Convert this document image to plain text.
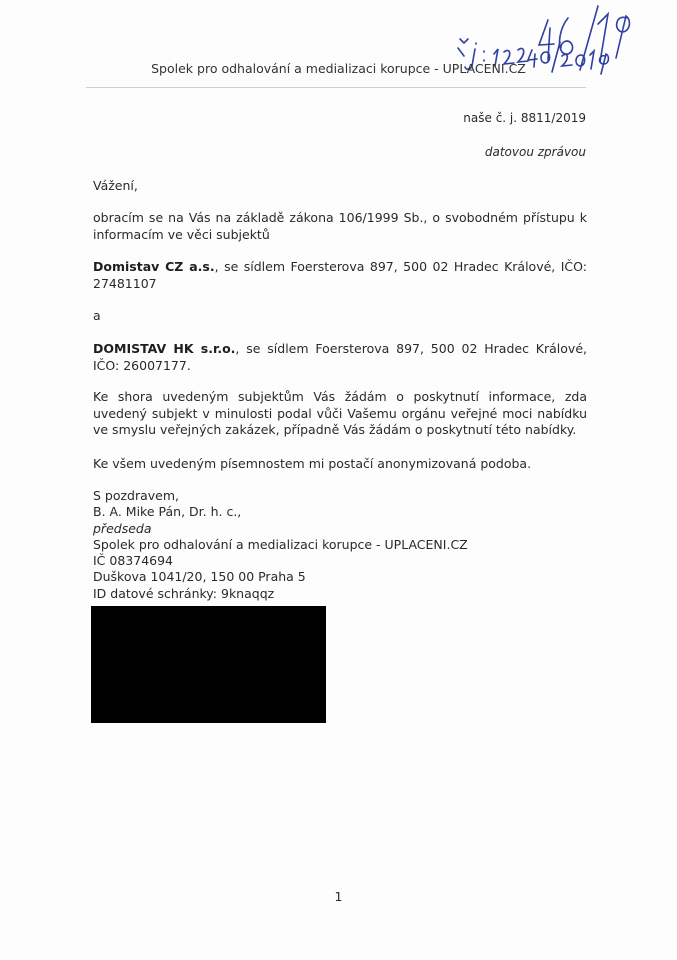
Spolek pro odhalování a medializaci korupce - UPLACENI.CZ
naše č. j. 8811/2019
datovou zprávou
Vážení,
obracím se na Vás na základě zákona 106/1999 Sb., o svobodném přístupu k informacím ve věci subjektů
Domistav CZ a.s., se sídlem Foersterova 897, 500 02 Hradec Králové, IČO: 27481107
a
DOMISTAV HK s.r.o., se sídlem Foersterova 897, 500 02 Hradec Králové, IČO: 26007177.
Ke shora uvedeným subjektům Vás žádám o poskytnutí informace, zda uvedený subjekt v minulosti podal vůči Vašemu orgánu veřejné moci nabídku ve smyslu veřejných zakázek, případně Vás žádám o poskytnutí této nabídky.
Ke všem uvedeným písemnostem mi postačí anonymizovaná podoba.
S pozdravem,
B. A. Mike Pán, Dr. h. c.,
předseda
Spolek pro odhalování a medializaci korupce - UPLACENI.CZ
IČ 08374694
Duškova 1041/20, 150 00 Praha 5
ID datové schránky: 9knaqqz
1
